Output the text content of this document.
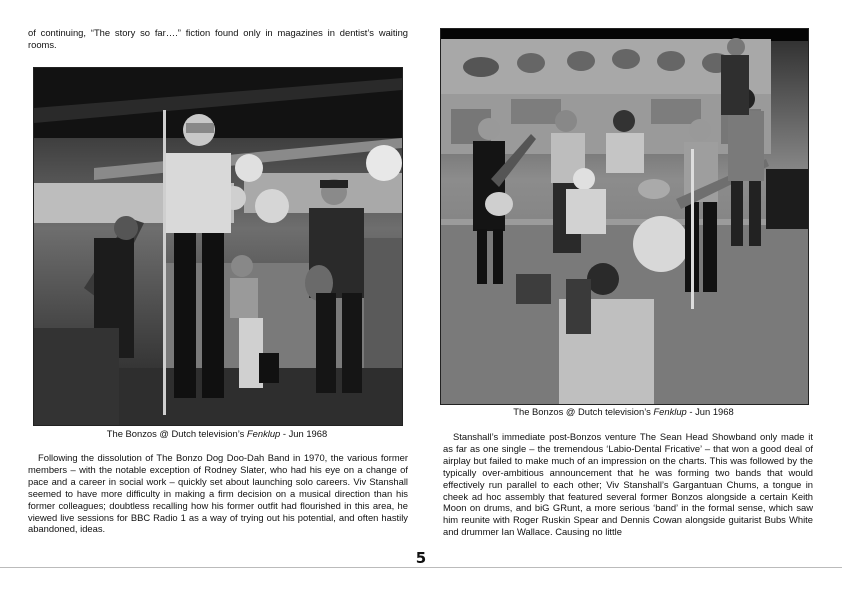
of continuing, “The story so far….” fiction found only in magazines in dentist’s waiting rooms.
The Bonzos @ Dutch television’s Fenklup - Jun 1968
Following the dissolution of The Bonzo Dog Doo-Dah Band in 1970, the various former members – with the notable exception of Rodney Slater, who had his eye on a change of pace and a career in social work – quickly set about launching solo careers. Viv Stanshall seemed to have more difficulty in making a firm decision on a musical direction than his former colleagues; doubtless recalling how his former outfit had flourished in this area, he viewed live sessions for BBC Radio 1 as a way of trying out his potential, and often hastily abandoned, ideas.
The Bonzos @ Dutch television’s Fenklup - Jun 1968
Stanshall’s immediate post-Bonzos venture The Sean Head Showband only made it as far as one single – the tremendous ‘Labio-Dental Fricative’ – that won a good deal of airplay but failed to make much of an impression on the charts. This was followed by the typically over-ambitious announcement that he was forming two bands that would effectively run parallel to each other; Viv Stanshall’s Gargantuan Chums, a tongue in cheek ad hoc assembly that featured several former Bonzos alongside a certain Keith Moon on drums, and biG GRunt, a more serious ‘band’ in the formal sense, which saw him reunite with Roger Ruskin Spear and Dennis Cowan alongside guitarist Bubs White and drummer Ian Wallace. Causing no little
5
